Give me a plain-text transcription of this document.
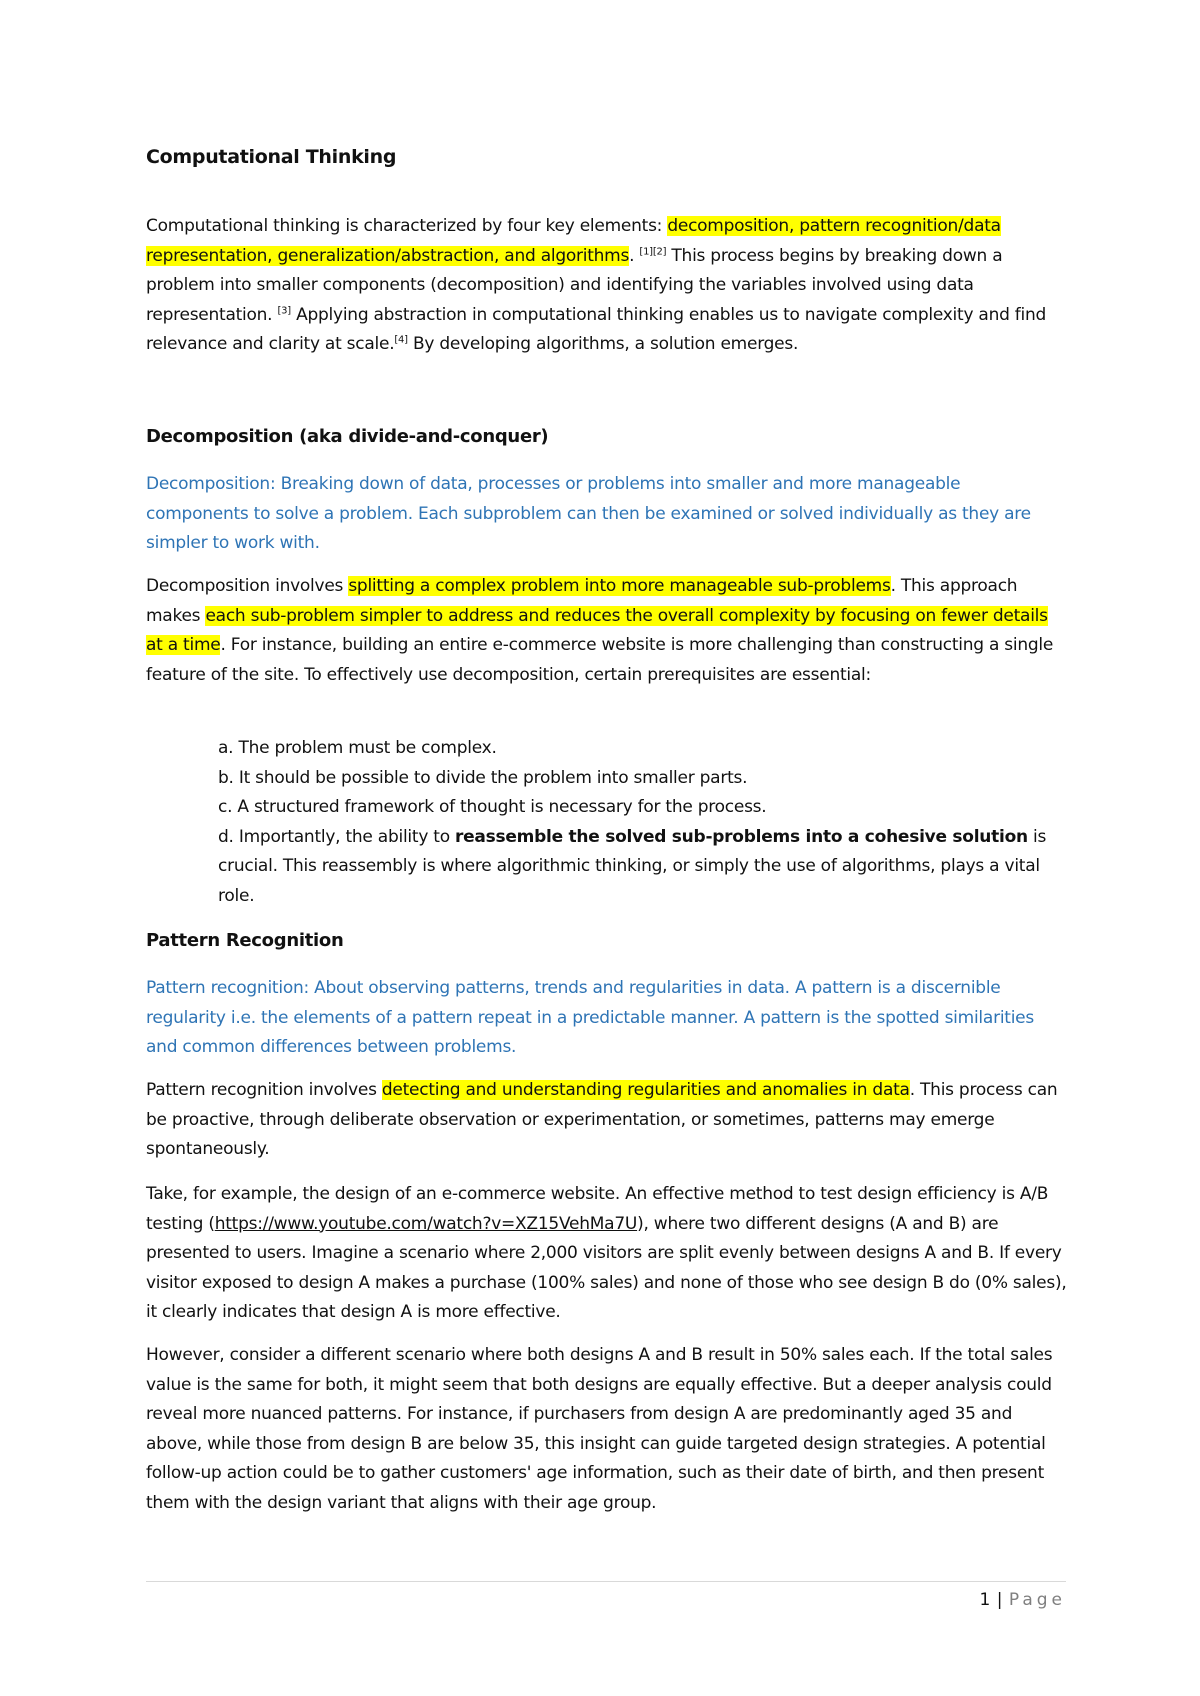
Computational Thinking
Computational thinking is characterized by four key elements: decomposition, pattern recognition/data representation, generalization/abstraction, and algorithms. [1][2] This process begins by breaking down a problem into smaller components (decomposition) and identifying the variables involved using data representation. [3] Applying abstraction in computational thinking enables us to navigate complexity and find relevance and clarity at scale.[4] By developing algorithms, a solution emerges.
Decomposition (aka divide-and-conquer)
Decomposition: Breaking down of data, processes or problems into smaller and more manageable components to solve a problem. Each subproblem can then be examined or solved individually as they are simpler to work with.
Decomposition involves splitting a complex problem into more manageable sub-problems. This approach makes each sub-problem simpler to address and reduces the overall complexity by focusing on fewer details at a time. For instance, building an entire e-commerce website is more challenging than constructing a single feature of the site. To effectively use decomposition, certain prerequisites are essential:
a. The problem must be complex.
b. It should be possible to divide the problem into smaller parts.
c. A structured framework of thought is necessary for the process.
d. Importantly, the ability to reassemble the solved sub-problems into a cohesive solution is crucial. This reassembly is where algorithmic thinking, or simply the use of algorithms, plays a vital role.
Pattern Recognition
Pattern recognition: About observing patterns, trends and regularities in data. A pattern is a discernible regularity i.e. the elements of a pattern repeat in a predictable manner. A pattern is the spotted similarities and common differences between problems.
Pattern recognition involves detecting and understanding regularities and anomalies in data. This process can be proactive, through deliberate observation or experimentation, or sometimes, patterns may emerge spontaneously.
Take, for example, the design of an e-commerce website. An effective method to test design efficiency is A/B testing (https://www.youtube.com/watch?v=XZ15VehMa7U), where two different designs (A and B) are presented to users. Imagine a scenario where 2,000 visitors are split evenly between designs A and B. If every visitor exposed to design A makes a purchase (100% sales) and none of those who see design B do (0% sales), it clearly indicates that design A is more effective.
However, consider a different scenario where both designs A and B result in 50% sales each. If the total sales value is the same for both, it might seem that both designs are equally effective. But a deeper analysis could reveal more nuanced patterns. For instance, if purchasers from design A are predominantly aged 35 and above, while those from design B are below 35, this insight can guide targeted design strategies. A potential follow-up action could be to gather customers' age information, such as their date of birth, and then present them with the design variant that aligns with their age group.
1 | Page
